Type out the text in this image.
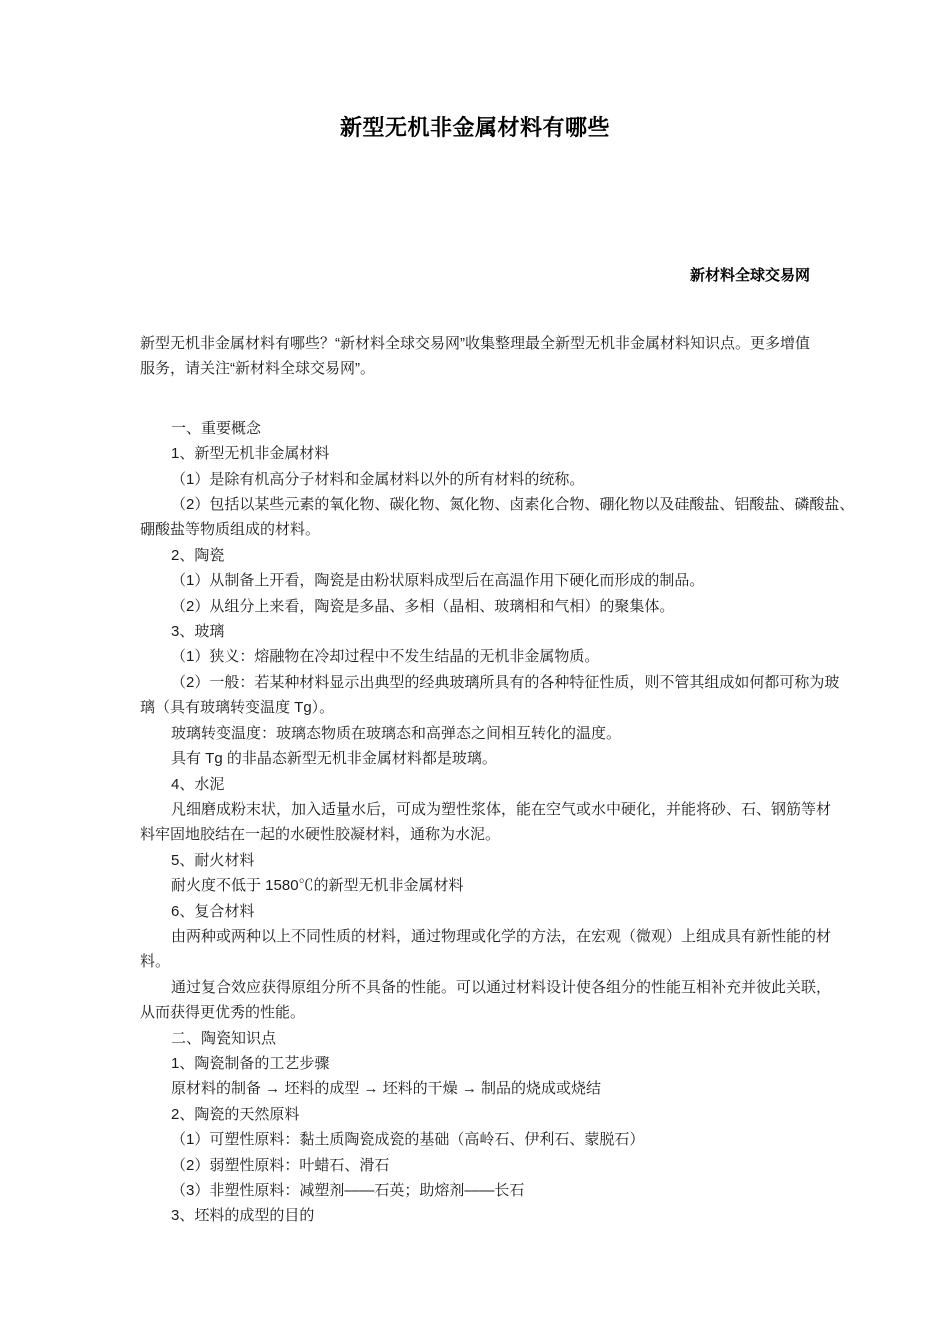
新型无机非金属材料有哪些
新材料全球交易网
新型无机非金属材料有哪些？“新材料全球交易网”收集整理最全新型无机非金属材料知识点。更多增值
服务，请关注“新材料全球交易网”。
一、重要概念
1、新型无机非金属材料
（1）是除有机高分子材料和金属材料以外的所有材料的统称。
（2）包括以某些元素的氧化物、碳化物、氮化物、卤素化合物、硼化物以及硅酸盐、铝酸盐、磷酸盐、
硼酸盐等物质组成的材料。
2、陶瓷
（1）从制备上开看，陶瓷是由粉状原料成型后在高温作用下硬化而形成的制品。
（2）从组分上来看，陶瓷是多晶、多相（晶相、玻璃相和气相）的聚集体。
3、玻璃
（1）狭义：熔融物在冷却过程中不发生结晶的无机非金属物质。
（2）一般：若某种材料显示出典型的经典玻璃所具有的各种特征性质，则不管其组成如何都可称为玻
璃（具有玻璃转变温度 Tg）。
玻璃转变温度：玻璃态物质在玻璃态和高弹态之间相互转化的温度。
具有 Tg 的非晶态新型无机非金属材料都是玻璃。
4、水泥
凡细磨成粉末状，加入适量水后，可成为塑性浆体，能在空气或水中硬化，并能将砂、石、钢筋等材
料牢固地胶结在一起的水硬性胶凝材料，通称为水泥。
5、耐火材料
耐火度不低于 1580℃的新型无机非金属材料
6、复合材料
由两种或两种以上不同性质的材料，通过物理或化学的方法，在宏观（微观）上组成具有新性能的材
料。
通过复合效应获得原组分所不具备的性能。可以通过材料设计使各组分的性能互相补充并彼此关联，
从而获得更优秀的性能。
二、陶瓷知识点
1、陶瓷制备的工艺步骤
原材料的制备 → 坯料的成型 → 坯料的干燥 → 制品的烧成或烧结
2、陶瓷的天然原料
（1）可塑性原料：黏土质陶瓷成瓷的基础（高岭石、伊利石、蒙脱石）
（2）弱塑性原料：叶蜡石、滑石
（3）非塑性原料：减塑剂——石英；助熔剂——长石
3、坯料的成型的目的
